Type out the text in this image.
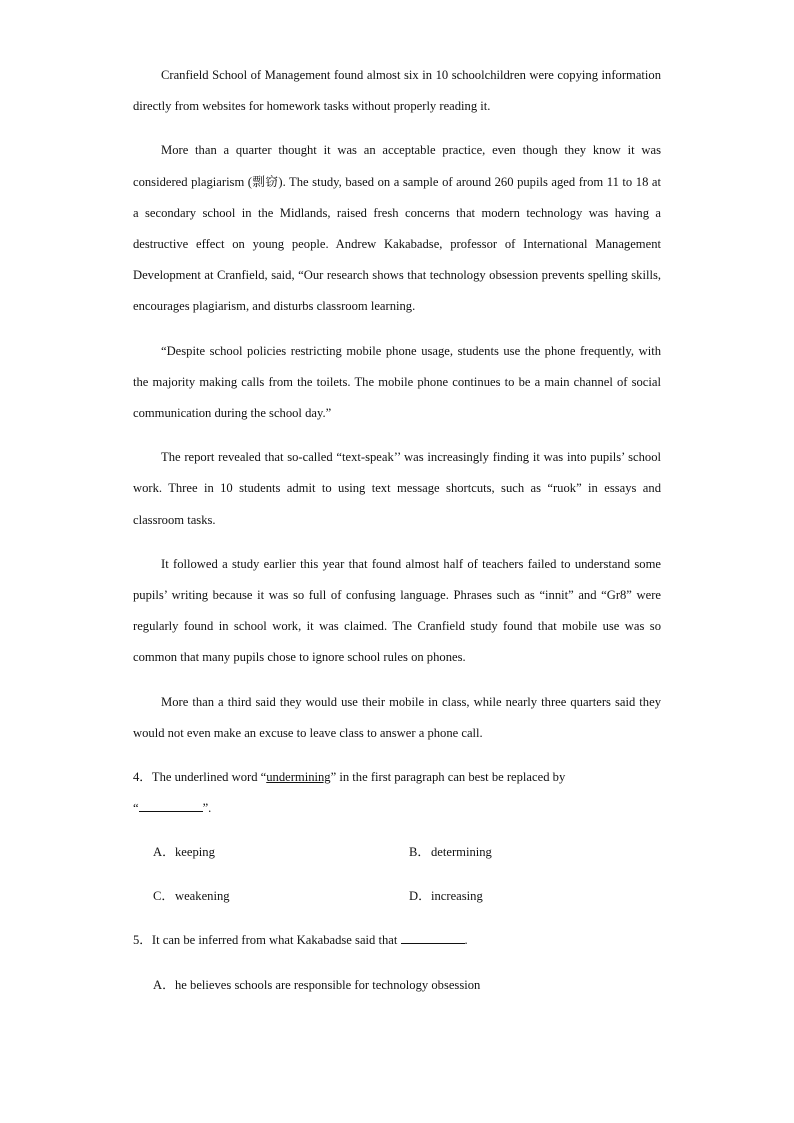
Cranfield School of Management found almost six in 10 schoolchildren were copying information directly from websites for homework tasks without properly reading it.

More than a quarter thought it was an acceptable practice, even though they know it was considered plagiarism (剽窃). The study, based on a sample of around 260 pupils aged from 11 to 18 at a secondary school in the Midlands, raised fresh concerns that modern technology was having a destructive effect on young people. Andrew Kakabadse, professor of International Management Development at Cranfield, said, “Our research shows that technology obsession prevents spelling skills, encourages plagiarism, and disturbs classroom learning.

“Despite school policies restricting mobile phone usage, students use the phone frequently, with the majority making calls from the toilets. The mobile phone continues to be a main channel of social communication during the school day.”

The report revealed that so-called “text-speak’’ was increasingly finding it was into pupils’ school work. Three in 10 students admit to using text message shortcuts, such as “ruok” in essays and classroom tasks.

It followed a study earlier this year that found almost half of teachers failed to understand some pupils’ writing because it was so full of confusing language. Phrases such as “innit” and “Gr8” were regularly found in school work, it was claimed. The Cranfield study found that mobile use was so common that many pupils chose to ignore school rules on phones.

More than a third said they would use their mobile in class, while nearly three quarters said they would not even make an excuse to leave class to answer a phone call.

4．The underlined word “undermining” in the first paragraph can best be replaced by
“	”.
A．keeping	B．determining
C．weakening	D．increasing
5．It can be inferred from what Kakabadse said that	.
A．he believes schools are responsible for technology obsession
